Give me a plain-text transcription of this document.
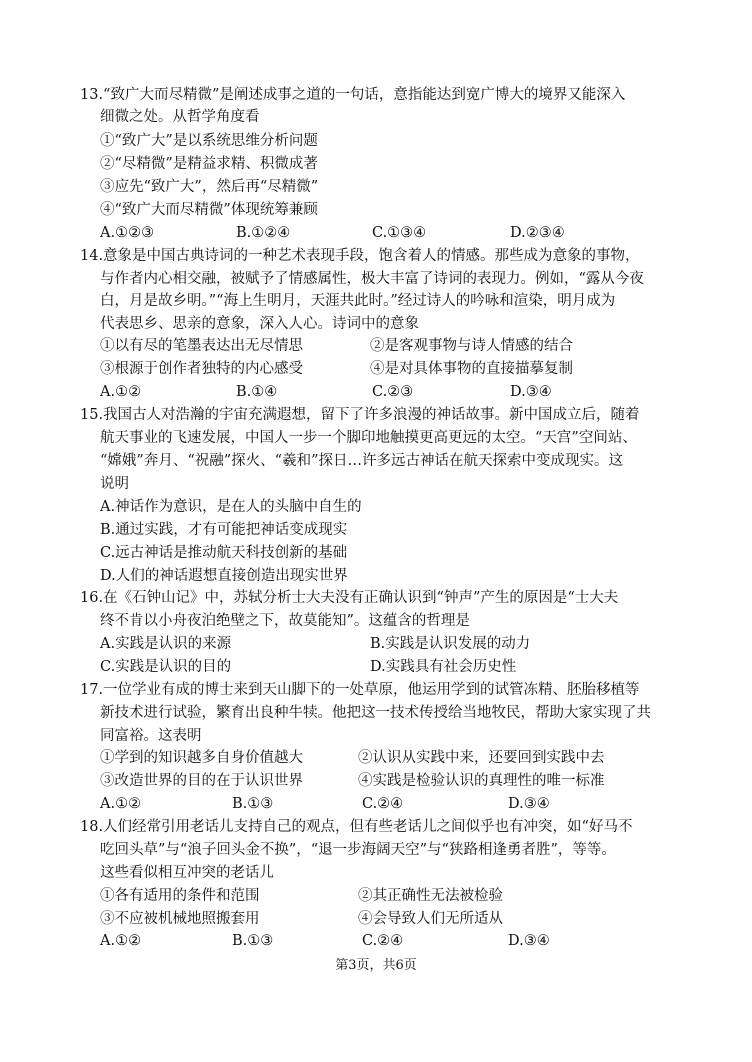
13.“致广大而尽精微”是阐述成事之道的一句话，意指能达到宽广博大的境界又能深入
细微之处。从哲学角度看
①“致广大”是以系统思维分析问题
②“尽精微”是精益求精、积微成著
③应先“致广大”，然后再“尽精微”
④“致广大而尽精微”体现统筹兼顾
A.①②③	B.①②④	C.①③④	D.②③④
14.意象是中国古典诗词的一种艺术表现手段，饱含着人的情感。那些成为意象的事物，
与作者内心相交融，被赋予了情感属性，极大丰富了诗词的表现力。例如，“露从今夜
白，月是故乡明。”“海上生明月，天涯共此时。”经过诗人的吟咏和渲染，明月成为
代表思乡、思亲的意象，深入人心。诗词中的意象
①以有尽的笔墨表达出无尽情思	②是客观事物与诗人情感的结合
③根源于创作者独特的内心感受	④是对具体事物的直接描摹复制
A.①②	B.①④	C.②③	D.③④
15.我国古人对浩瀚的宇宙充满遐想，留下了许多浪漫的神话故事。新中国成立后，随着
航天事业的飞速发展，中国人一步一个脚印地触摸更高更远的太空。“天宫”空间站、
“嫦娥”奔月、“祝融”探火、“羲和”探日…许多远古神话在航天探索中变成现实。这
说明
A.神话作为意识，是在人的头脑中自生的
B.通过实践，才有可能把神话变成现实
C.远古神话是推动航天科技创新的基础
D.人们的神话遐想直接创造出现实世界
16.在《石钟山记》中，苏轼分析士大夫没有正确认识到“钟声”产生的原因是“士大夫
终不肯以小舟夜泊绝壁之下，故莫能知”。这蕴含的哲理是
A.实践是认识的来源	B.实践是认识发展的动力
C.实践是认识的目的	D.实践具有社会历史性
17.一位学业有成的博士来到天山脚下的一处草原，他运用学到的试管冻精、胚胎移植等
新技术进行试验，繁育出良种牛犊。他把这一技术传授给当地牧民，帮助大家实现了共
同富裕。这表明
①学到的知识越多自身价值越大	②认识从实践中来，还要回到实践中去
③改造世界的目的在于认识世界	④实践是检验认识的真理性的唯一标准
A.①②	B.①③	C.②④	D.③④
18.人们经常引用老话儿支持自己的观点，但有些老话儿之间似乎也有冲突，如“好马不
吃回头草”与“浪子回头金不换”，“退一步海阔天空”与“狭路相逢勇者胜”，等等。
这些看似相互冲突的老话儿
①各有适用的条件和范围	②其正确性无法被检验
③不应被机械地照搬套用	④会导致人们无所适从
A.①②	B.①③	C.②④	D.③④
第3页，共6页
